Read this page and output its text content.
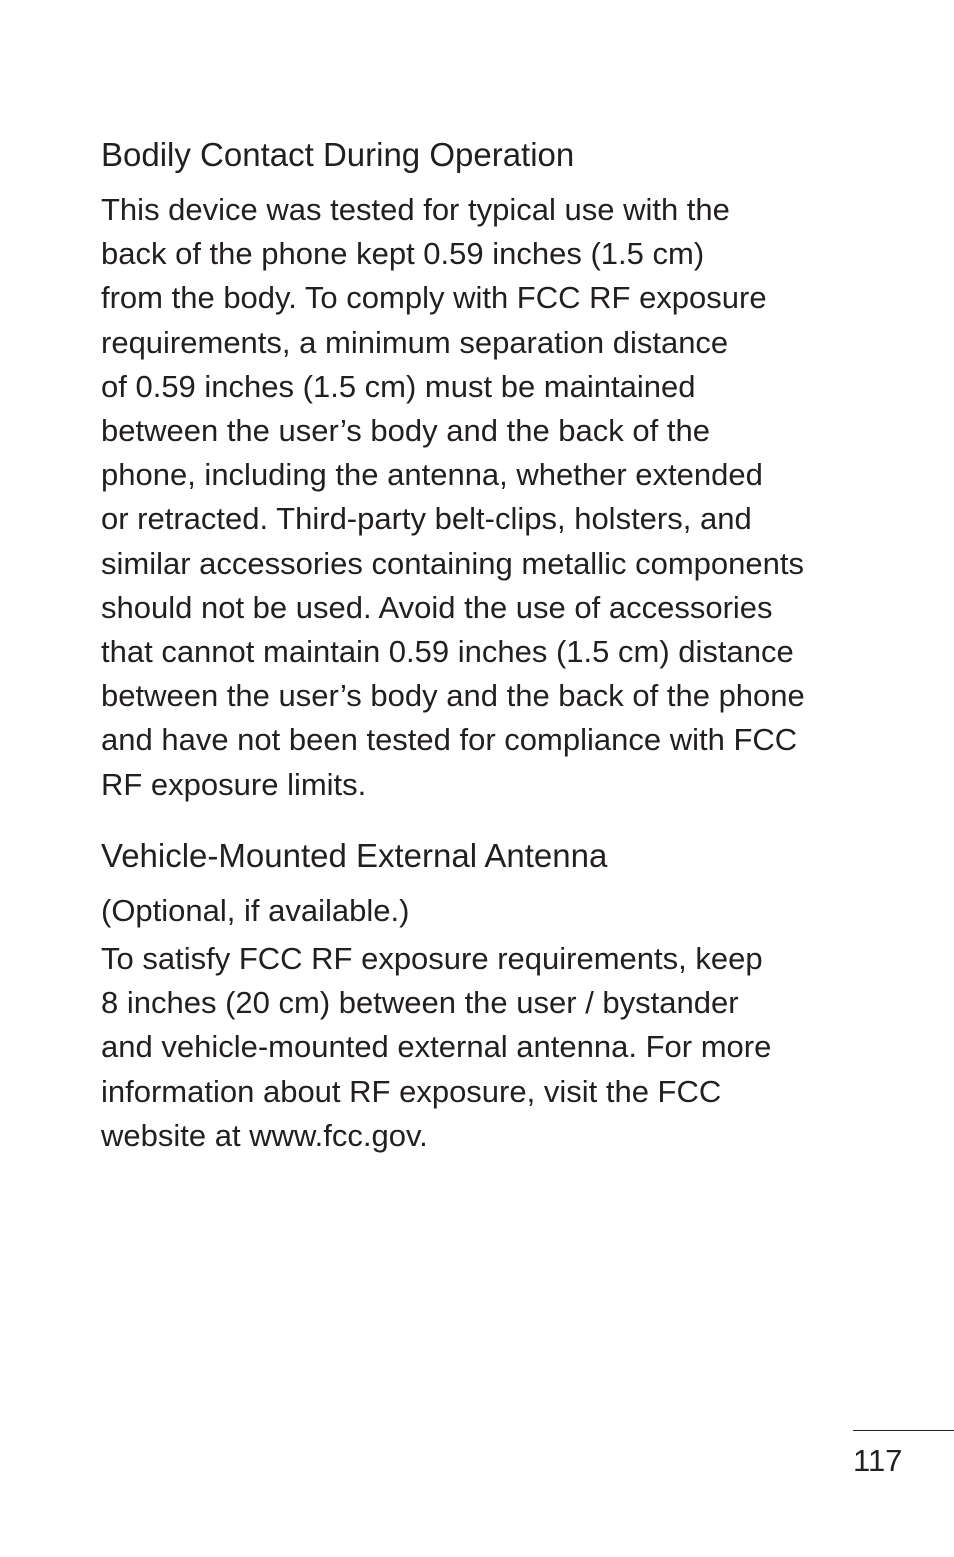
Bodily Contact During Operation

This device was tested for typical use with the
back of the phone kept 0.59 inches (1.5 cm)
from the body. To comply with FCC RF exposure
requirements, a minimum separation distance
of 0.59 inches (1.5 cm) must be maintained
between the user’s body and the back of the
phone, including the antenna, whether extended
or retracted. Third-party belt-clips, holsters, and
similar accessories containing metallic components
should not be used. Avoid the use of accessories
that cannot maintain 0.59 inches (1.5 cm) distance
between the user’s body and the back of the phone
and have not been tested for compliance with FCC
RF exposure limits.

Vehicle-Mounted External Antenna

(Optional, if available.)

To satisfy FCC RF exposure requirements, keep
8 inches (20 cm) between the user / bystander
and vehicle-mounted external antenna. For more
information about RF exposure, visit the FCC
website at www.fcc.gov.

117
